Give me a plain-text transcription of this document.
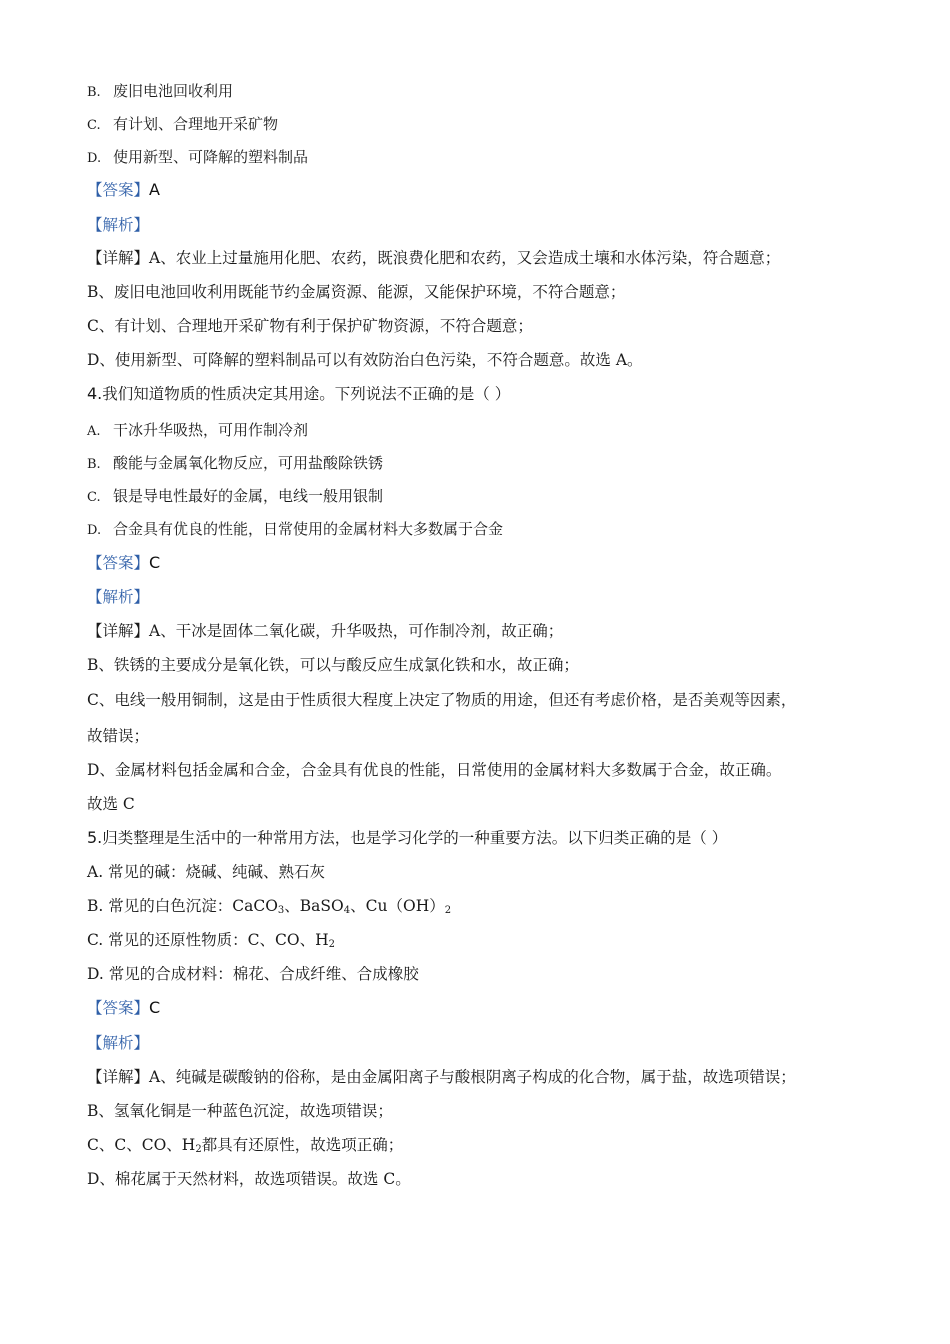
B. 废旧电池回收利用
C. 有计划、合理地开采矿物
D. 使用新型、可降解的塑料制品
【答案】A
【解析】
【详解】A、农业上过量施用化肥、农药，既浪费化肥和农药，又会造成土壤和水体污染，符合题意；
B、废旧电池回收利用既能节约金属资源、能源，又能保护环境，不符合题意；
C、有计划、合理地开采矿物有利于保护矿物资源，不符合题意；
D、使用新型、可降解的塑料制品可以有效防治白色污染，不符合题意。故选 A。
4.我们知道物质的性质决定其用途。下列说法不正确的是（ ）
A. 干冰升华吸热，可用作制冷剂
B. 酸能与金属氧化物反应，可用盐酸除铁锈
C. 银是导电性最好的金属，电线一般用银制
D. 合金具有优良的性能，日常使用的金属材料大多数属于合金
【答案】C
【解析】
【详解】A、干冰是固体二氧化碳，升华吸热，可作制冷剂，故正确；
B、铁锈的主要成分是氧化铁，可以与酸反应生成氯化铁和水，故正确；
C、电线一般用铜制，这是由于性质很大程度上决定了物质的用途，但还有考虑价格，是否美观等因素，
故错误；
D、金属材料包括金属和合金，合金具有优良的性能，日常使用的金属材料大多数属于合金，故正确。
故选 C
5.归类整理是生活中的一种常用方法，也是学习化学的一种重要方法。以下归类正确的是（ ）
A. 常见的碱：烧碱、纯碱、熟石灰
B. 常见的白色沉淀：CaCO$_3$、BaSO$_4$、$Cu(OH)_2$
C. 常见的还原性物质：C、CO、$H_2$
D. 常见的合成材料：棉花、合成纤维、合成橡胶
【答案】C
【解析】
【详解】A、纯碱是碳酸钠的俗称，是由金属阳离子与酸根阴离子构成的化合物，属于盐，故选项错误；
B、氢氧化铜是一种蓝色沉淀，故选项错误；
C、C、CO、$H_2$都具有还原性，故选项正确；
D、棉花属于天然材料，故选项错误。故选 C。
